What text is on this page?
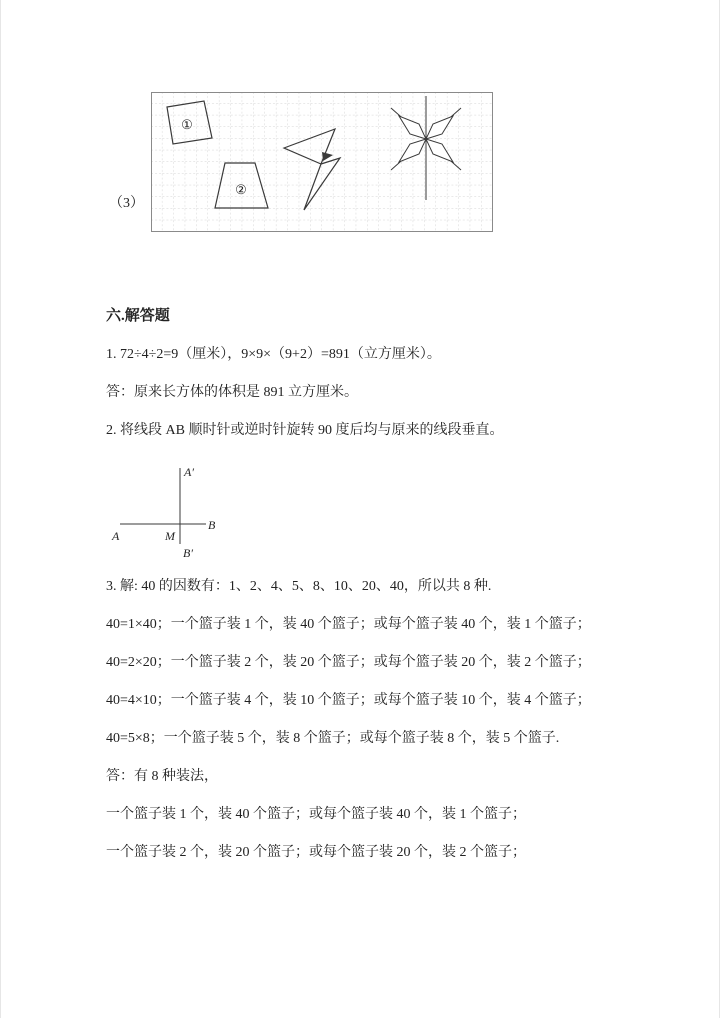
（3）
①
②
六.解答题

1. 72÷4÷2=9（厘米），9×9×（9+2）=891（立方厘米）。

答：原来长方体的体积是 891 立方厘米。

2. 将线段 AB 顺时针或逆时针旋转 90 度后均与原来的线段垂直。

A′
A	M
B
B′

3. 解: 40 的因数有：1、2、4、5、8、10、20、40，所以共 8 种.

40=1×40；一个篮子装 1 个，装 40 个篮子；或每个篮子装 40 个，装 1 个篮子；

40=2×20；一个篮子装 2 个，装 20 个篮子；或每个篮子装 20 个，装 2 个篮子；

40=4×10；一个篮子装 4 个，装 10 个篮子；或每个篮子装 10 个，装 4 个篮子；

40=5×8；一个篮子装 5 个，装 8 个篮子；或每个篮子装 8 个，装 5 个篮子.

答：有 8 种装法，

一个篮子装 1 个，装 40 个篮子；或每个篮子装 40 个，装 1 个篮子；

一个篮子装 2 个，装 20 个篮子；或每个篮子装 20 个，装 2 个篮子；
